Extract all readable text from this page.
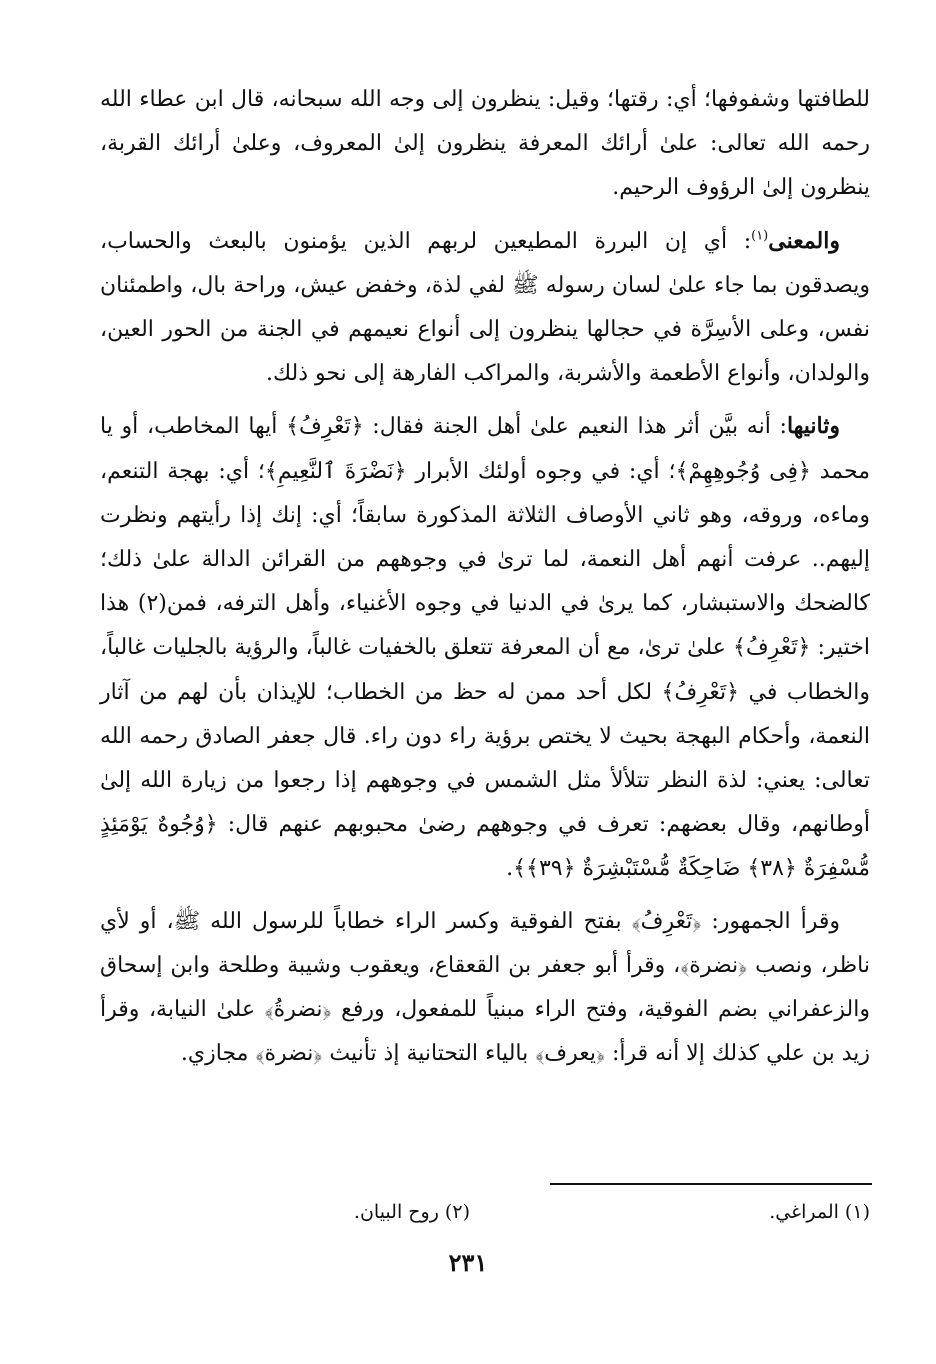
للطافتها وشفوفها؛ أي: رقتها؛ وقيل: ينظرون إلى وجه الله سبحانه، قال ابن عطاء الله رحمه الله تعالى: علىٰ أرائك المعرفة ينظرون إلىٰ المعروف، وعلىٰ أرائك القربة، ينظرون إلىٰ الرؤوف الرحيم.

والمعنى$^{(١)}$: أي إن البررة المطيعين لربهم الذين يؤمنون بالبعث والحساب، ويصدقون بما جاء علىٰ لسان رسوله ﷺ لفي لذة، وخفض عيش، وراحة بال، واطمئنان نفس، وعلى الأسِرَّة في حجالها ينظرون إلى أنواع نعيمهم في الجنة من الحور العين، والولدان، وأنواع الأطعمة والأشربة، والمراكب الفارهة إلى نحو ذلك.

وثانيها: أنه بيَّن أثر هذا النعيم علىٰ أهل الجنة فقال: ﴿تَعْرِفُ﴾ أيها المخاطب، أو يا محمد ﴿فِى وُجُوهِهِمْ﴾؛ أي: في وجوه أولئك الأبرار ﴿نَضْرَةَ ٱلنَّعِيمِ﴾؛ أي: بهجة التنعم، وماءه، وروقه، وهو ثاني الأوصاف الثلاثة المذكورة سابقاً؛ أي: إنك إذا رأيتهم ونظرت إليهم.. عرفت أنهم أهل النعمة، لما ترىٰ في وجوههم من القرائن الدالة علىٰ ذلك؛ كالضحك والاستبشار، كما يرىٰ في الدنيا في وجوه الأغنياء، وأهل الترفه، فمن(٢) هذا اختير: ﴿تَعْرِفُ﴾ علىٰ ترىٰ، مع أن المعرفة تتعلق بالخفيات غالباً، والرؤية بالجليات غالباً، والخطاب في ﴿تَعْرِفُ﴾ لكل أحد ممن له حظ من الخطاب؛ للإيذان بأن لهم من آثار النعمة، وأحكام البهجة بحيث لا يختص برؤية راء دون راء. قال جعفر الصادق رحمه الله تعالى: يعني: لذة النظر تتلألأ مثل الشمس في وجوههم إذا رجعوا من زيارة الله إلىٰ أوطانهم، وقال بعضهم: تعرف في وجوههم رضىٰ محبوبهم عنهم قال: ﴿وُجُوهٌ يَوْمَئِذٍ مُّسْفِرَةٌ ﴿٣٨﴾ ضَاحِكَةٌ مُّسْتَبْشِرَةٌ ﴿٣٩﴾﴾.

وقرأ الجمهور: ﴿تَعْرِفُ﴾ بفتح الفوقية وكسر الراء خطاباً للرسول الله ﷺ، أو لأي ناظر، ونصب ﴿نضرة﴾، وقرأ أبو جعفر بن القعقاع، ويعقوب وشيبة وطلحة وابن إسحاق والزعفراني بضم الفوقية، وفتح الراء مبنياً للمفعول، ورفع ﴿نضرةُ﴾ علىٰ النيابة، وقرأ زيد بن علي كذلك إلا أنه قرأ: ﴿يعرف﴾ بالياء التحتانية إذ تأنيث ﴿نضرة﴾ مجازي.

(١) المراغي.
(٢) روح البيان.
٢٣١
